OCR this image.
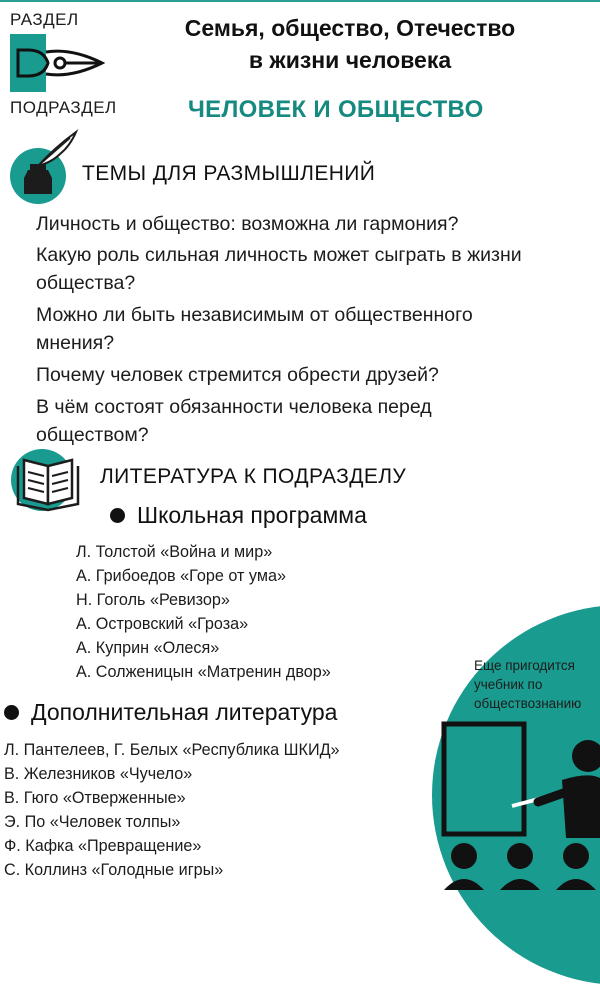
РАЗДЕЛ
ПОДРАЗДЕЛ
Семья, общество, Отечество
в жизни человека
ЧЕЛОВЕК И ОБЩЕСТВО
ТЕМЫ ДЛЯ РАЗМЫШЛЕНИЙ
Личность и общество: возможна ли гармония?
Какую роль сильная личность может сыграть в жизни
общества?
Можно ли быть независимым от общественного
мнения?
Почему человек стремится обрести друзей?
В чём состоят обязанности человека перед
обществом?
ЛИТЕРАТУРА К ПОДРАЗДЕЛУ
Школьная программа
Л. Толстой «Война и мир»
А. Грибоедов «Горе от ума»
Н. Гоголь «Ревизор»
А. Островский «Гроза»
А. Куприн «Олеся»
А. Солженицын «Матренин двор»	Еще пригодится
учебник по
обществознанию
Дополнительная литература
Л. Пантелеев, Г. Белых «Республика ШКИД»
В. Железников «Чучело»
В. Гюго «Отверженные»
Э. По «Человек толпы»
Ф. Кафка «Превращение»
С. Коллинз «Голодные игры»
